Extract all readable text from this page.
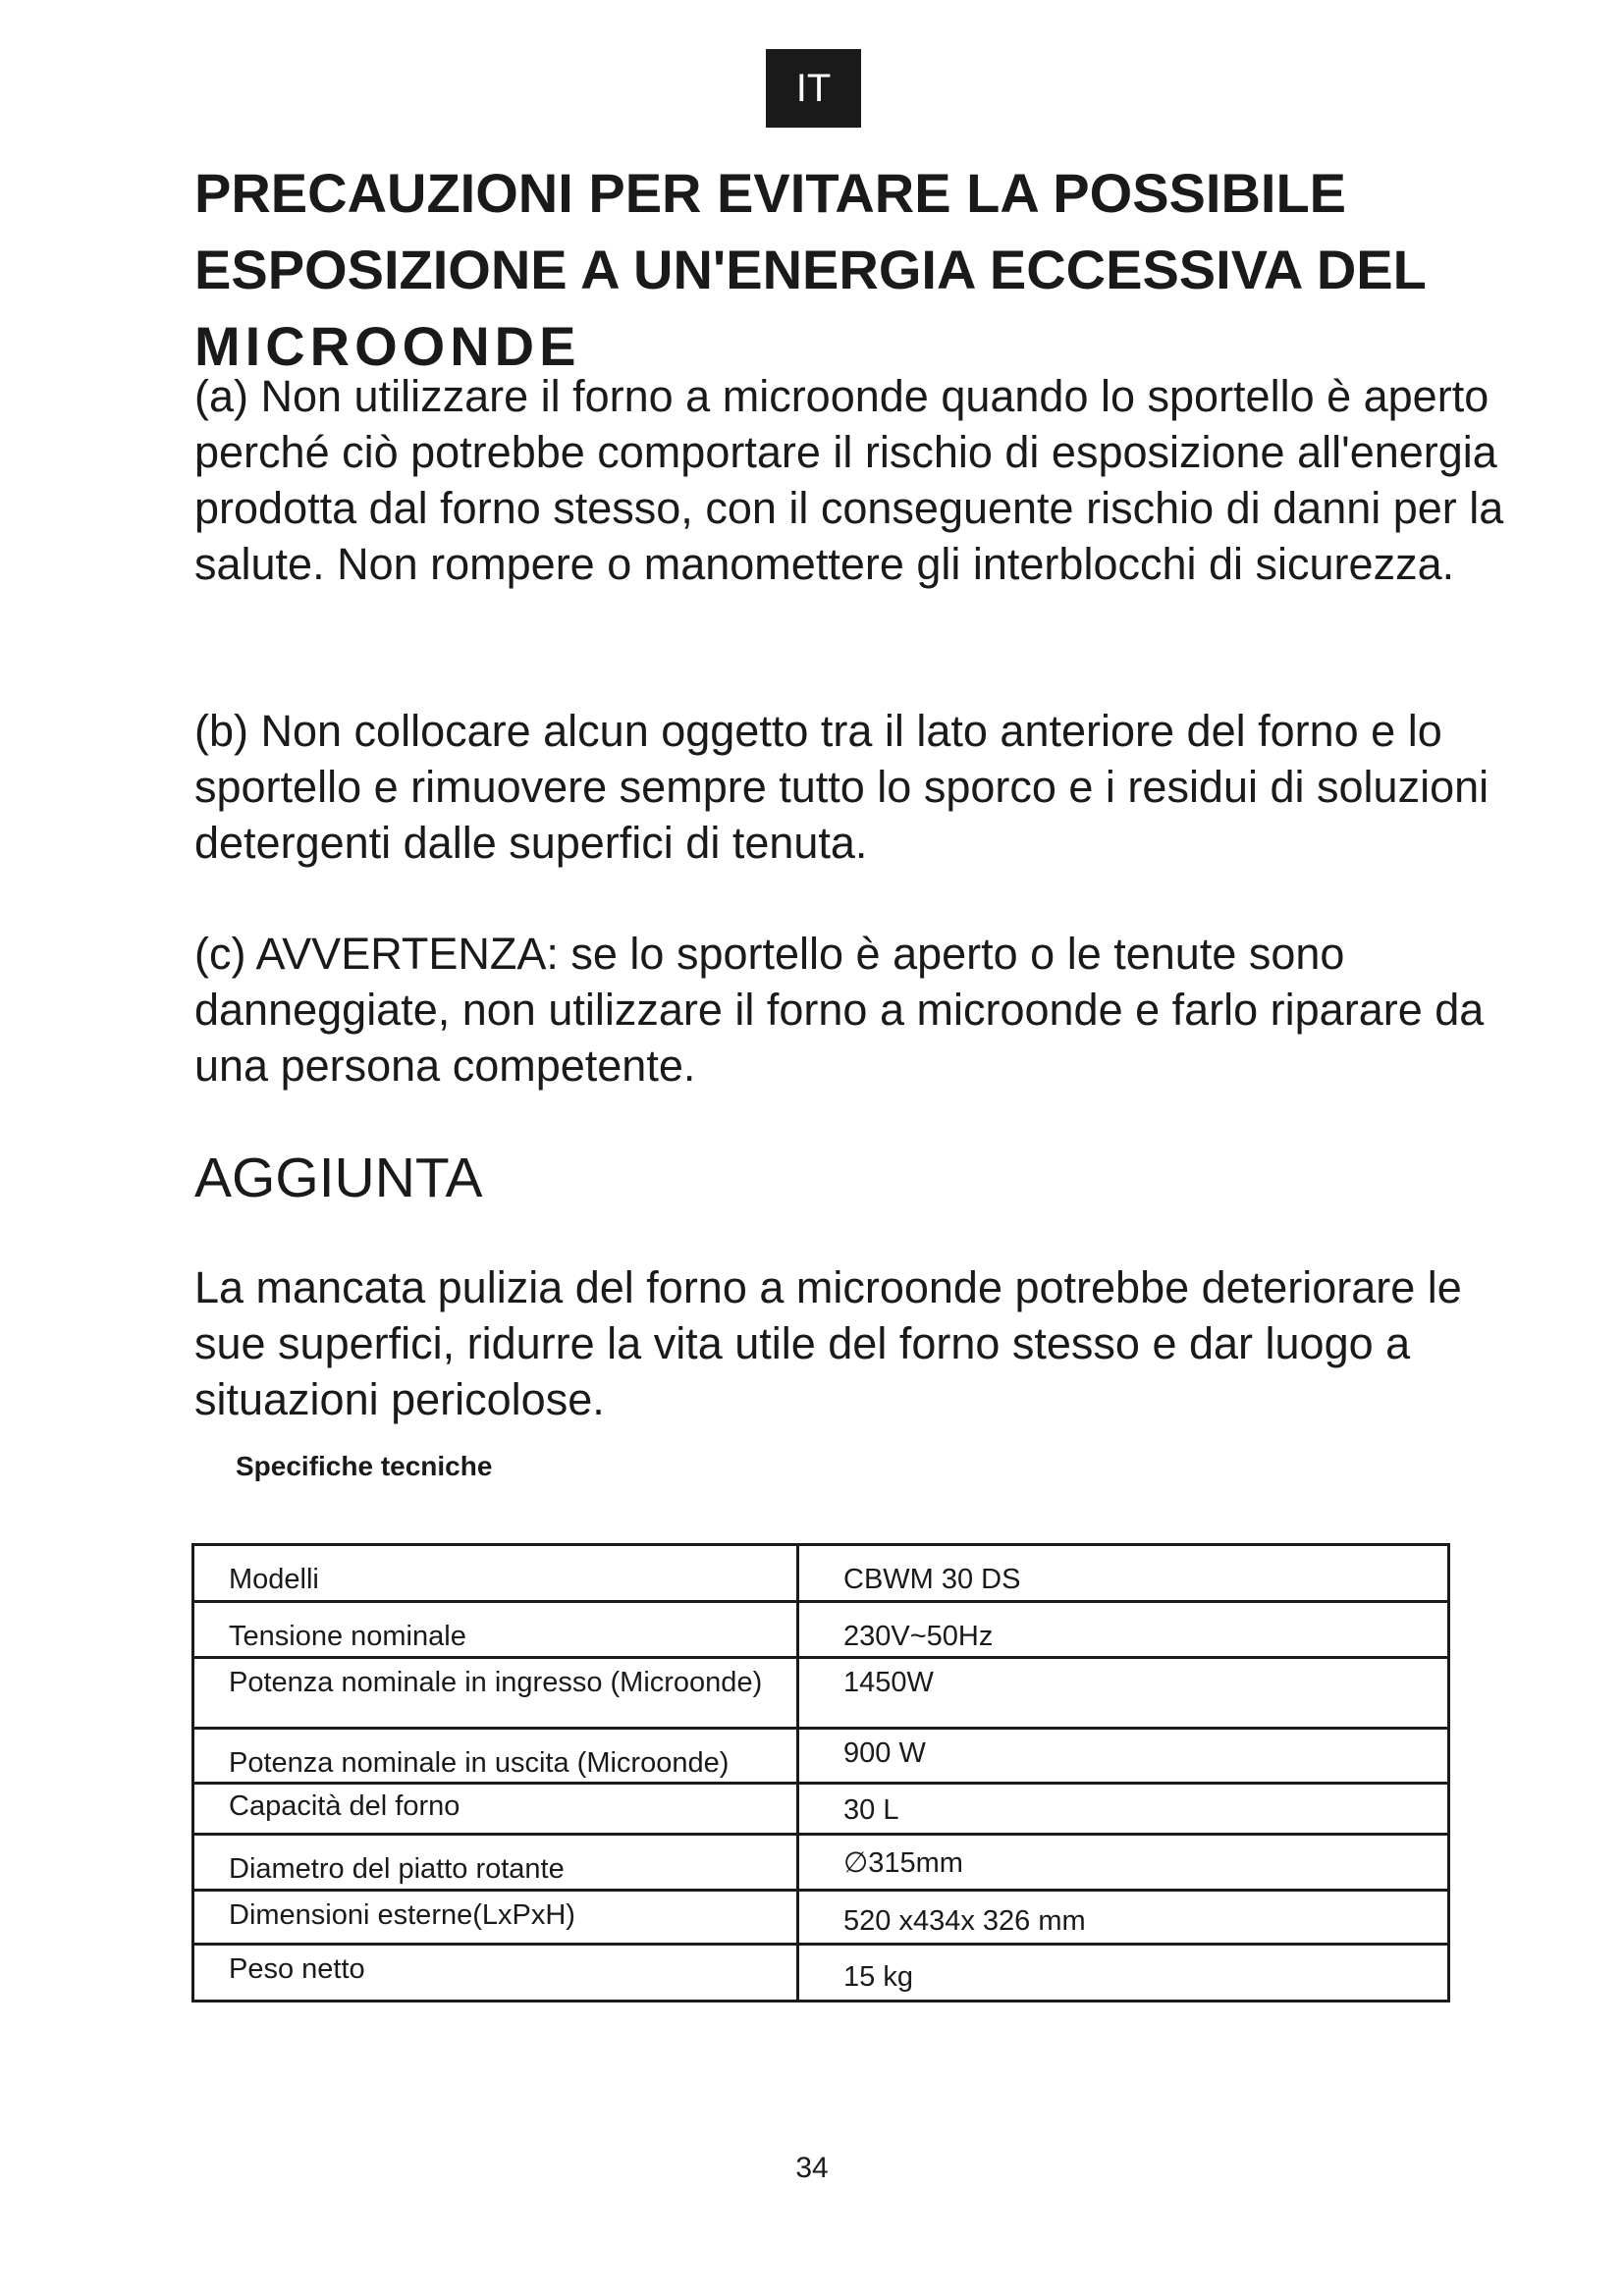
IT
PRECAUZIONI PER EVITARE LA POSSIBILE
ESPOSIZIONE A UN'ENERGIA ECCESSIVA DEL
MICROONDE

(a) Non utilizzare il forno a microonde quando lo sportello è aperto perché ciò potrebbe comportare il rischio di esposizione all'energia prodotta dal forno stesso, con il conseguente rischio di danni per la salute. Non rompere o manomettere gli interblocchi di sicurezza.

(b) Non collocare alcun oggetto tra il lato anteriore del forno e lo sportello e rimuovere sempre tutto lo sporco e i residui di soluzioni detergenti dalle superfici di tenuta.

(c) AVVERTENZA: se lo sportello è aperto o le tenute sono danneggiate, non utilizzare il forno a microonde e farlo riparare da una persona competente.

AGGIUNTA

La mancata pulizia del forno a microonde potrebbe deteriorare le sue superfici, ridurre la vita utile del forno stesso e dar luogo a situazioni pericolose.

Specifiche tecniche
Modelli	CBWM 30 DS
Tensione nominale	230V~50Hz
Potenza nominale in ingresso (Microonde)	1450W
Potenza nominale in uscita (Microonde)	900 W
Capacità del forno	30 L
Diametro del piatto rotante	∅315mm
Dimensioni esterne(LxPxH)	520 x434x 326 mm
Peso netto	15 kg
34
